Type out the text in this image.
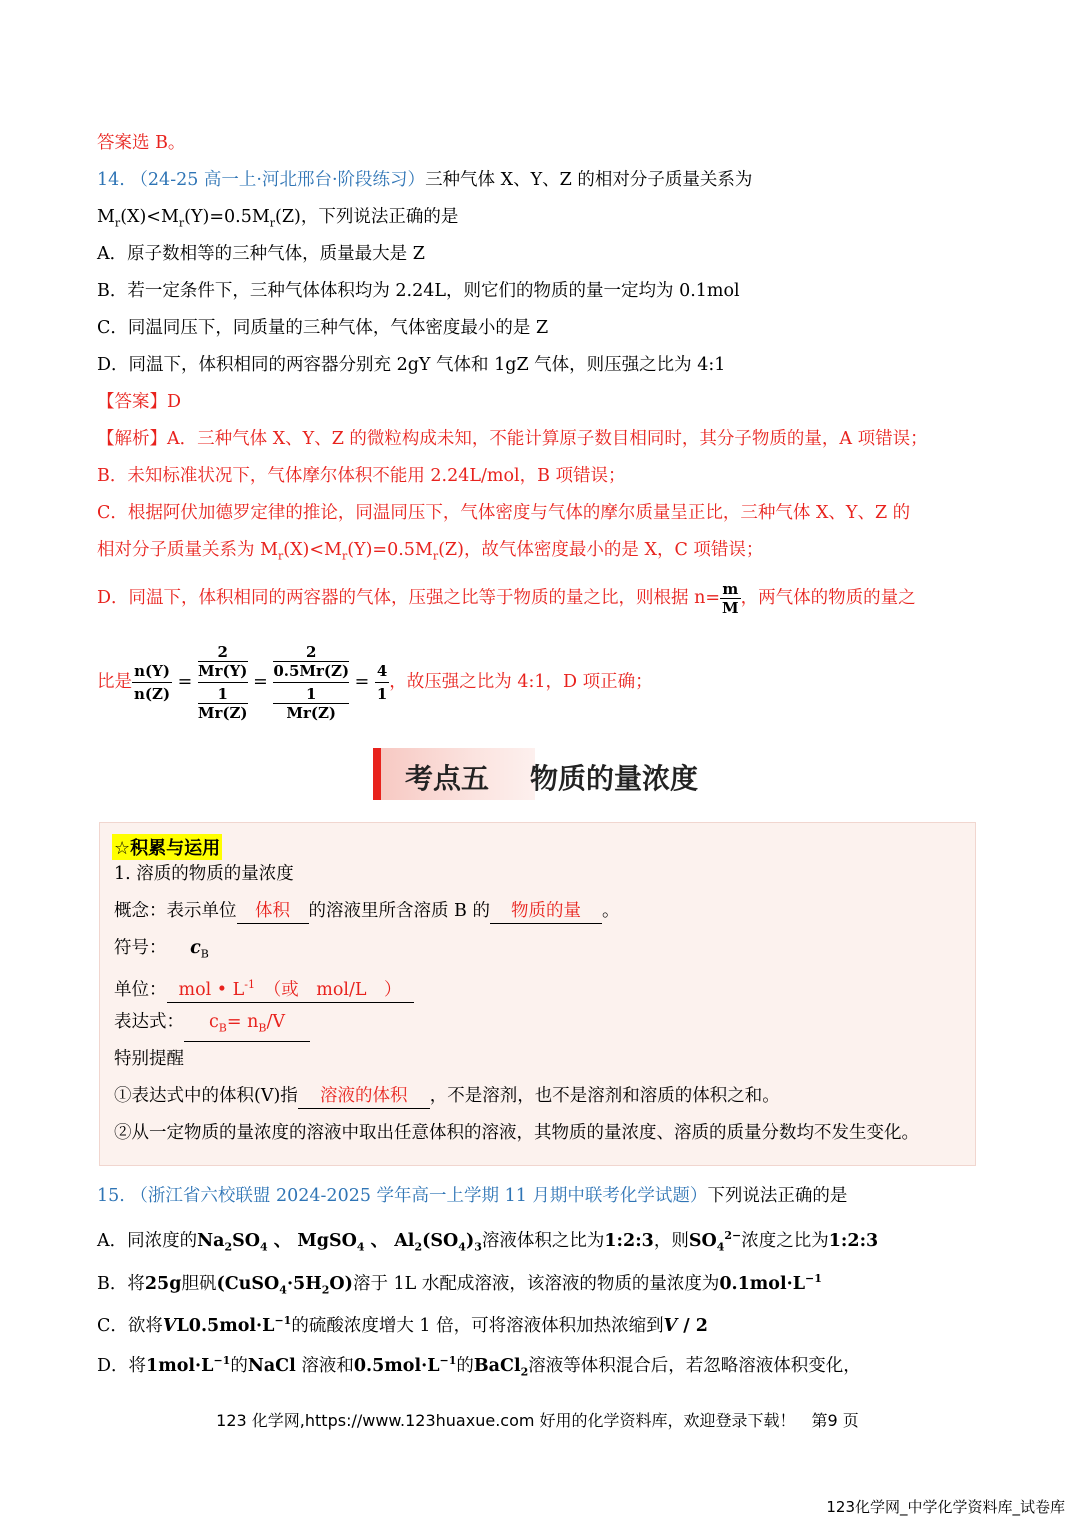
答案选 B。
14. （24-25 高一上·河北邢台·阶段练习）三种气体 X、Y、Z 的相对分子质量关系为
$M_r(X)<M_r(Y)=0.5M_r(Z)$，下列说法正确的是
A．原子数相等的三种气体，质量最大是 Z
B．若一定条件下，三种气体体积均为 2.24L，则它们的物质的量一定均为 0.1mol
C．同温同压下，同质量的三种气体，气体密度最小的是 Z
D．同温下，体积相同的两容器分别充 2gY 气体和 1gZ 气体，则压强之比为 4:1
【答案】D
【解析】A．三种气体 X、Y、Z 的微粒构成未知，不能计算原子数目相同时，其分子物质的量，A 项错误；
B．未知标准状况下，气体摩尔体积不能用 2.24L/mol，B 项错误；
C．根据阿伏加德罗定律的推论，同温同压下，气体密度与气体的摩尔质量呈正比，三种气体 X、Y、Z 的
相对分子质量关系为 $M_r(X)<M_r(Y)=0.5M_r(Z)$，故气体密度最小的是 X，C 项错误；
D．同温下，体积相同的两容器的气体，压强之比等于物质的量之比，则根据 $n= \frac{m}{M}$ ，两气体的物质的量之
比是 $\frac{n(Y)}{n(Z)} = 2$
Mr(Y)
1
Mr(Z) = 2
0.5Mr(Z)
1
$Mr(Z) = \frac{4}{1}$ ，故压强之比为 4:1，D 项正确；
考点五 物质的量浓度
☆积累与运用
1. 溶质的物质的量浓度
概念：表示单位 体积 的溶液里所含溶质 B 的 物质的量 。
符号： $c_B$
单位： mol • $L^{-1}$　（或　mol/L　）
表达式： $c_B= n_B/V$
特别提醒
①表达式中的体积(V)指 溶液的体积 ，不是溶剂，也不是溶剂和溶质的体积之和。
②从一定物质的量浓度的溶液中取出任意体积的溶液，其物质的量浓度、溶质的质量分数均不发生变化。
15. （浙江省六校联盟 2024-2025 学年高一上学期 11 月期中联考化学试题）下列说法正确的是
A．同浓度的$Na_2SO_4$ 、 MgSO$_4$ 、 $Al_2(SO_4)_3$溶液体积之比为1:2:3，则$SO_4^{2-}$浓度之比为1:2:3
B．将25g胆矾$(CuSO_4\cdot 5H_2O)$溶于 1L 水配成溶液，该溶液的物质的量浓度为$0.1mol\cdot L^{-1}$
C．欲将$VL0.5mol\cdot L^{-1}$的硫酸浓度增大 1 倍，可将溶液体积加热浓缩到V / 2
D．将$1mol\cdot L^{-1}$的NaCl 溶液和$0.5mol\cdot L^{-1}$的BaCl$_2$溶液等体积混合后，若忽略溶液体积变化，
123 化学网,https://www.123huaxue.com 好用的化学资料库，欢迎登录下载！　第9 页
123化学网_中学化学资料库_试卷库
